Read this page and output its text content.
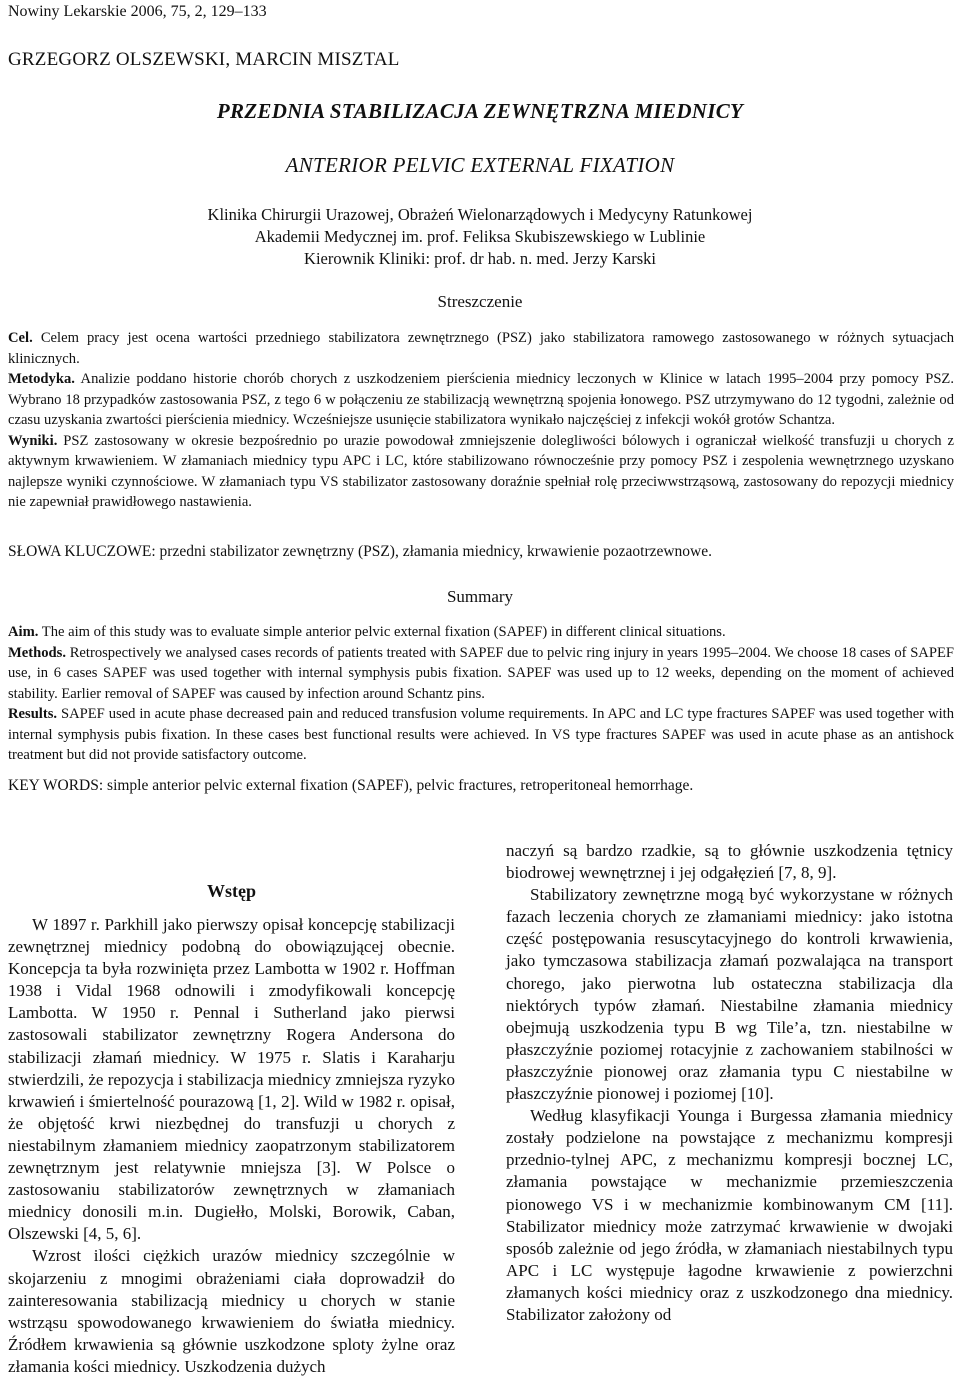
Nowiny Lekarskie 2006, 75, 2, 129–133
GRZEGORZ OLSZEWSKI, MARCIN MISZTAL
PRZEDNIA STABILIZACJA ZEWNĘTRZNA MIEDNICY
ANTERIOR PELVIC EXTERNAL FIXATION
Klinika Chirurgii Urazowej, Obrażeń Wielonarządowych i Medycyny Ratunkowej
Akademii Medycznej im. prof. Feliksa Skubiszewskiego w Lublinie
Kierownik Kliniki: prof. dr hab. n. med. Jerzy Karski
Streszczenie

Cel. Celem pracy jest ocena wartości przedniego stabilizatora zewnętrznego (PSZ) jako stabilizatora ramowego zastosowanego w różnych sytuacjach klinicznych.

Metodyka. Analizie poddano historie chorób chorych z uszkodzeniem pierścienia miednicy leczonych w Klinice w latach 1995–2004 przy pomocy PSZ. Wybrano 18 przypadków zastosowania PSZ, z tego 6 w połączeniu ze stabilizacją wewnętrzną spojenia łonowego. PSZ utrzymywano do 12 tygodni, zależnie od czasu uzyskania zwartości pierścienia miednicy. Wcześniejsze usunięcie stabilizatora wynikało najczęściej z infekcji wokół grotów Schantza.

Wyniki. PSZ zastosowany w okresie bezpośrednio po urazie powodował zmniejszenie dolegliwości bólowych i ograniczał wielkość transfuzji u chorych z aktywnym krwawieniem. W złamaniach miednicy typu APC i LC, które stabilizowano równocześnie przy pomocy PSZ i zespolenia wewnętrznego uzyskano najlepsze wyniki czynnościowe. W złamaniach typu VS stabilizator zastosowany doraźnie spełniał rolę przeciwwstrząsową, zastosowany do repozycji miednicy nie zapewniał prawidłowego nastawienia.

SŁOWA KLUCZOWE: przedni stabilizator zewnętrzny (PSZ), złamania miednicy, krwawienie pozaotrzewnowe.
Summary

Aim. The aim of this study was to evaluate simple anterior pelvic external fixation (SAPEF) in different clinical situations.

Methods. Retrospectively we analysed cases records of patients treated with SAPEF due to pelvic ring injury in years 1995–2004. We choose 18 cases of SAPEF use, in 6 cases SAPEF was used together with internal symphysis pubis fixation. SAPEF was used up to 12 weeks, depending on the moment of achieved stability. Earlier removal of SAPEF was caused by infection around Schantz pins.

Results. SAPEF used in acute phase decreased pain and reduced transfusion volume requirements. In APC and LC type fractures SAPEF was used together with internal symphysis pubis fixation. In these cases best functional results were achieved. In VS type fractures SAPEF was used in acute phase as an antishock treatment but did not provide satisfactory outcome.

KEY WORDS: simple anterior pelvic external fixation (SAPEF), pelvic fractures, retroperitoneal hemorrhage.
Wstęp

W 1897 r. Parkhill jako pierwszy opisał koncepcję stabilizacji zewnętrznej miednicy podobną do obowiązującej obecnie. Koncepcja ta była rozwinięta przez Lambotta w 1902 r. Hoffman 1938 i Vidal 1968 odnowili i zmodyfikowali koncepcję Lambotta. W 1950 r. Pennal i Sutherland jako pierwsi zastosowali stabilizator zewnętrzny Rogera Andersona do stabilizacji złamań miednicy. W 1975 r. Slatis i Karaharju stwierdzili, że repozycja i stabilizacja miednicy zmniejsza ryzyko krwawień i śmiertelność pourazową [1, 2]. Wild w 1982 r. opisał, że objętość krwi niezbędnej do transfuzji u chorych z niestabilnym złamaniem miednicy zaopatrzonym stabilizatorem zewnętrznym jest relatywnie mniejsza [3]. W Polsce o zastosowaniu stabilizatorów zewnętrznych w złamaniach miednicy donosili m.in. Dugiełło, Molski, Borowik, Caban, Olszewski [4, 5, 6].

Wzrost ilości ciężkich urazów miednicy szczególnie w skojarzeniu z mnogimi obrażeniami ciała doprowadził do zainteresowania stabilizacją miednicy u chorych w stanie wstrząsu spowodowanego krwawieniem do światła miednicy. Źródłem krwawienia są głównie uszkodzone sploty żylne oraz złamania kości miednicy. Uszkodzenia dużych

naczyń są bardzo rzadkie, są to głównie uszkodzenia tętnicy biodrowej wewnętrznej i jej odgałęzień [7, 8, 9].

Stabilizatory zewnętrzne mogą być wykorzystane w różnych fazach leczenia chorych ze złamaniami miednicy: jako istotna część postępowania resuscytacyjnego do kontroli krwawienia, jako tymczasowa stabilizacja złamań pozwalająca na transport chorego, jako pierwotna lub ostateczna stabilizacja dla niektórych typów złamań. Niestabilne złamania miednicy obejmują uszkodzenia typu B wg Tile’a, tzn. niestabilne w płaszczyźnie poziomej rotacyjnie z zachowaniem stabilności w płaszczyźnie pionowej oraz złamania typu C niestabilne w płaszczyźnie pionowej i poziomej [10].

Według klasyfikacji Younga i Burgessa złamania miednicy zostały podzielone na powstające z mechanizmu kompresji przednio-tylnej APC, z mechanizmu kompresji bocznej LC, złamania powstające w mechanizmie przemieszczenia pionowego VS i w mechanizmie kombinowanym CM [11]. Stabilizator miednicy może zatrzymać krwawienie w dwojaki sposób zależnie od jego źródła, w złamaniach niestabilnych typu APC i LC występuje łagodne krwawienie z powierzchni złamanych kości miednicy oraz z uszkodzonego dna miednicy. Stabilizator założony od
